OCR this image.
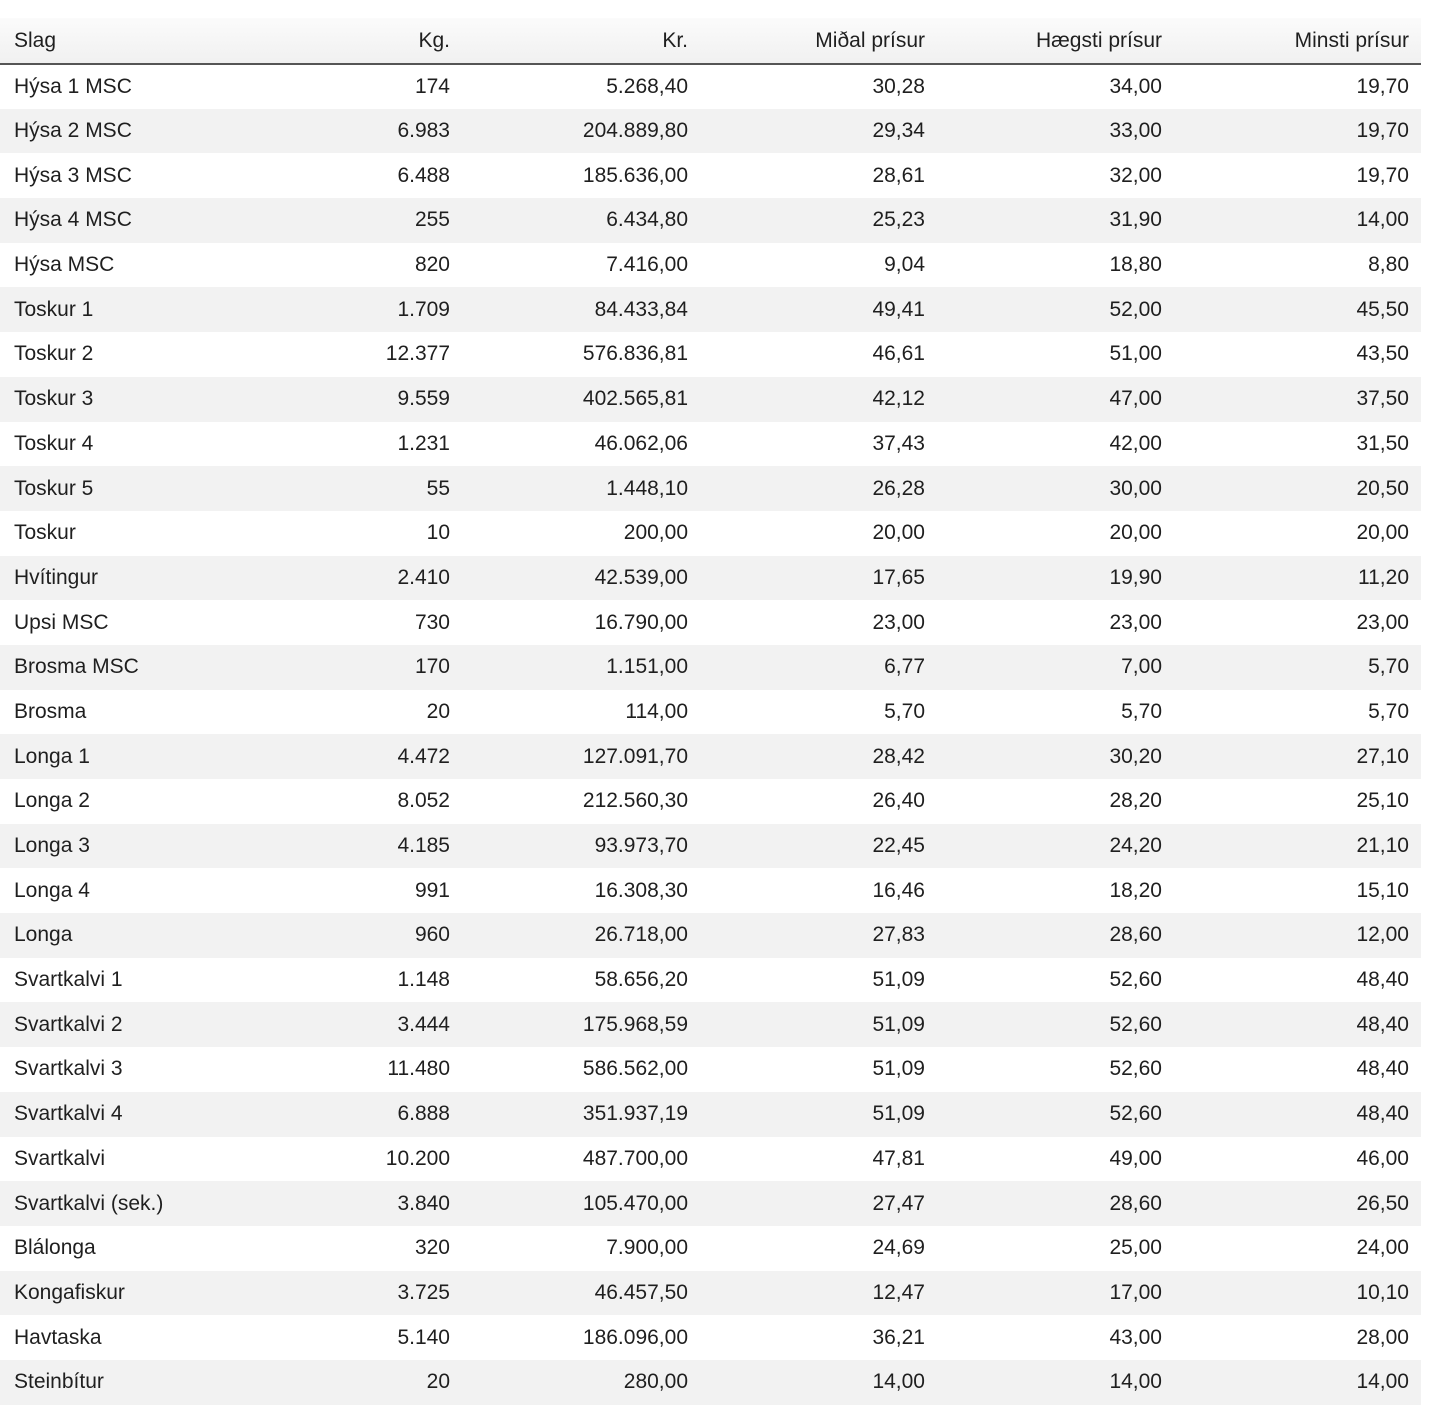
Slag	Kg.	Kr.	Miðal prísur	Hægsti prísur	Minsti prísur
Hýsa 1 MSC	174	5.268,40	30,28	34,00	19,70
Hýsa 2 MSC	6.983	204.889,80	29,34	33,00	19,70
Hýsa 3 MSC	6.488	185.636,00	28,61	32,00	19,70
Hýsa 4 MSC	255	6.434,80	25,23	31,90	14,00
Hýsa MSC	820	7.416,00	9,04	18,80	8,80
Toskur 1	1.709	84.433,84	49,41	52,00	45,50
Toskur 2	12.377	576.836,81	46,61	51,00	43,50
Toskur 3	9.559	402.565,81	42,12	47,00	37,50
Toskur 4	1.231	46.062,06	37,43	42,00	31,50
Toskur 5	55	1.448,10	26,28	30,00	20,50
Toskur	10	200,00	20,00	20,00	20,00
Hvítingur	2.410	42.539,00	17,65	19,90	11,20
Upsi MSC	730	16.790,00	23,00	23,00	23,00
Brosma MSC	170	1.151,00	6,77	7,00	5,70
Brosma	20	114,00	5,70	5,70	5,70
Longa 1	4.472	127.091,70	28,42	30,20	27,10
Longa 2	8.052	212.560,30	26,40	28,20	25,10
Longa 3	4.185	93.973,70	22,45	24,20	21,10
Longa 4	991	16.308,30	16,46	18,20	15,10
Longa	960	26.718,00	27,83	28,60	12,00
Svartkalvi 1	1.148	58.656,20	51,09	52,60	48,40
Svartkalvi 2	3.444	175.968,59	51,09	52,60	48,40
Svartkalvi 3	11.480	586.562,00	51,09	52,60	48,40
Svartkalvi 4	6.888	351.937,19	51,09	52,60	48,40
Svartkalvi	10.200	487.700,00	47,81	49,00	46,00
Svartkalvi (sek.)	3.840	105.470,00	27,47	28,60	26,50
Blálonga	320	7.900,00	24,69	25,00	24,00
Kongafiskur	3.725	46.457,50	12,47	17,00	10,10
Havtaska	5.140	186.096,00	36,21	43,00	28,00
Steinbítur	20	280,00	14,00	14,00	14,00
